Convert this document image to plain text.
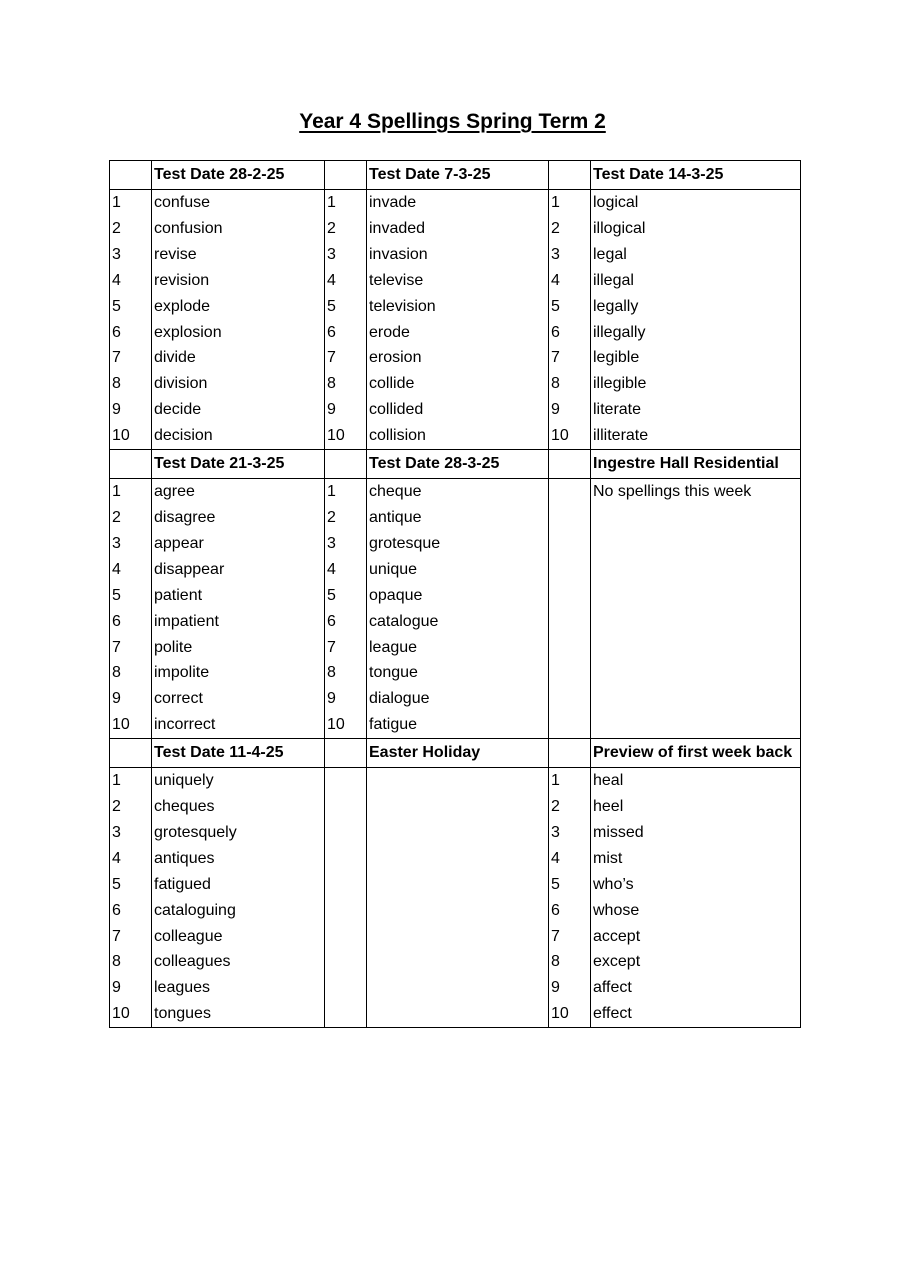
Year 4 Spellings Spring Term 2
	Test Date 28-2-25		Test Date 7-3-25		Test Date 14-3-25
1	confuse	1	invade	1	logical
2	confusion	2	invaded	2	illogical
3	revise	3	invasion	3	legal
4	revision	4	televise	4	illegal
5	explode	5	television	5	legally
6	explosion	6	erode	6	illegally
7	divide	7	erosion	7	legible
8	division	8	collide	8	illegible
9	decide	9	collided	9	literate
10	decision	10	collision	10	illiterate
	Test Date 21-3-25		Test Date 28-3-25		Ingestre Hall Residential
1	agree	1	cheque		No spellings this week
2	disagree	2	antique		
3	appear	3	grotesque		
4	disappear	4	unique		
5	patient	5	opaque		
6	impatient	6	catalogue		
7	polite	7	league		
8	impolite	8	tongue		
9	correct	9	dialogue		
10	incorrect	10	fatigue		
	Test Date 11-4-25		Easter Holiday		Preview of first week back
1	uniquely			1	heal
2	cheques			2	heel
3	grotesquely			3	missed
4	antiques			4	mist
5	fatigued			5	who’s
6	cataloguing			6	whose
7	colleague			7	accept
8	colleagues			8	except
9	leagues			9	affect
10	tongues			10	effect
